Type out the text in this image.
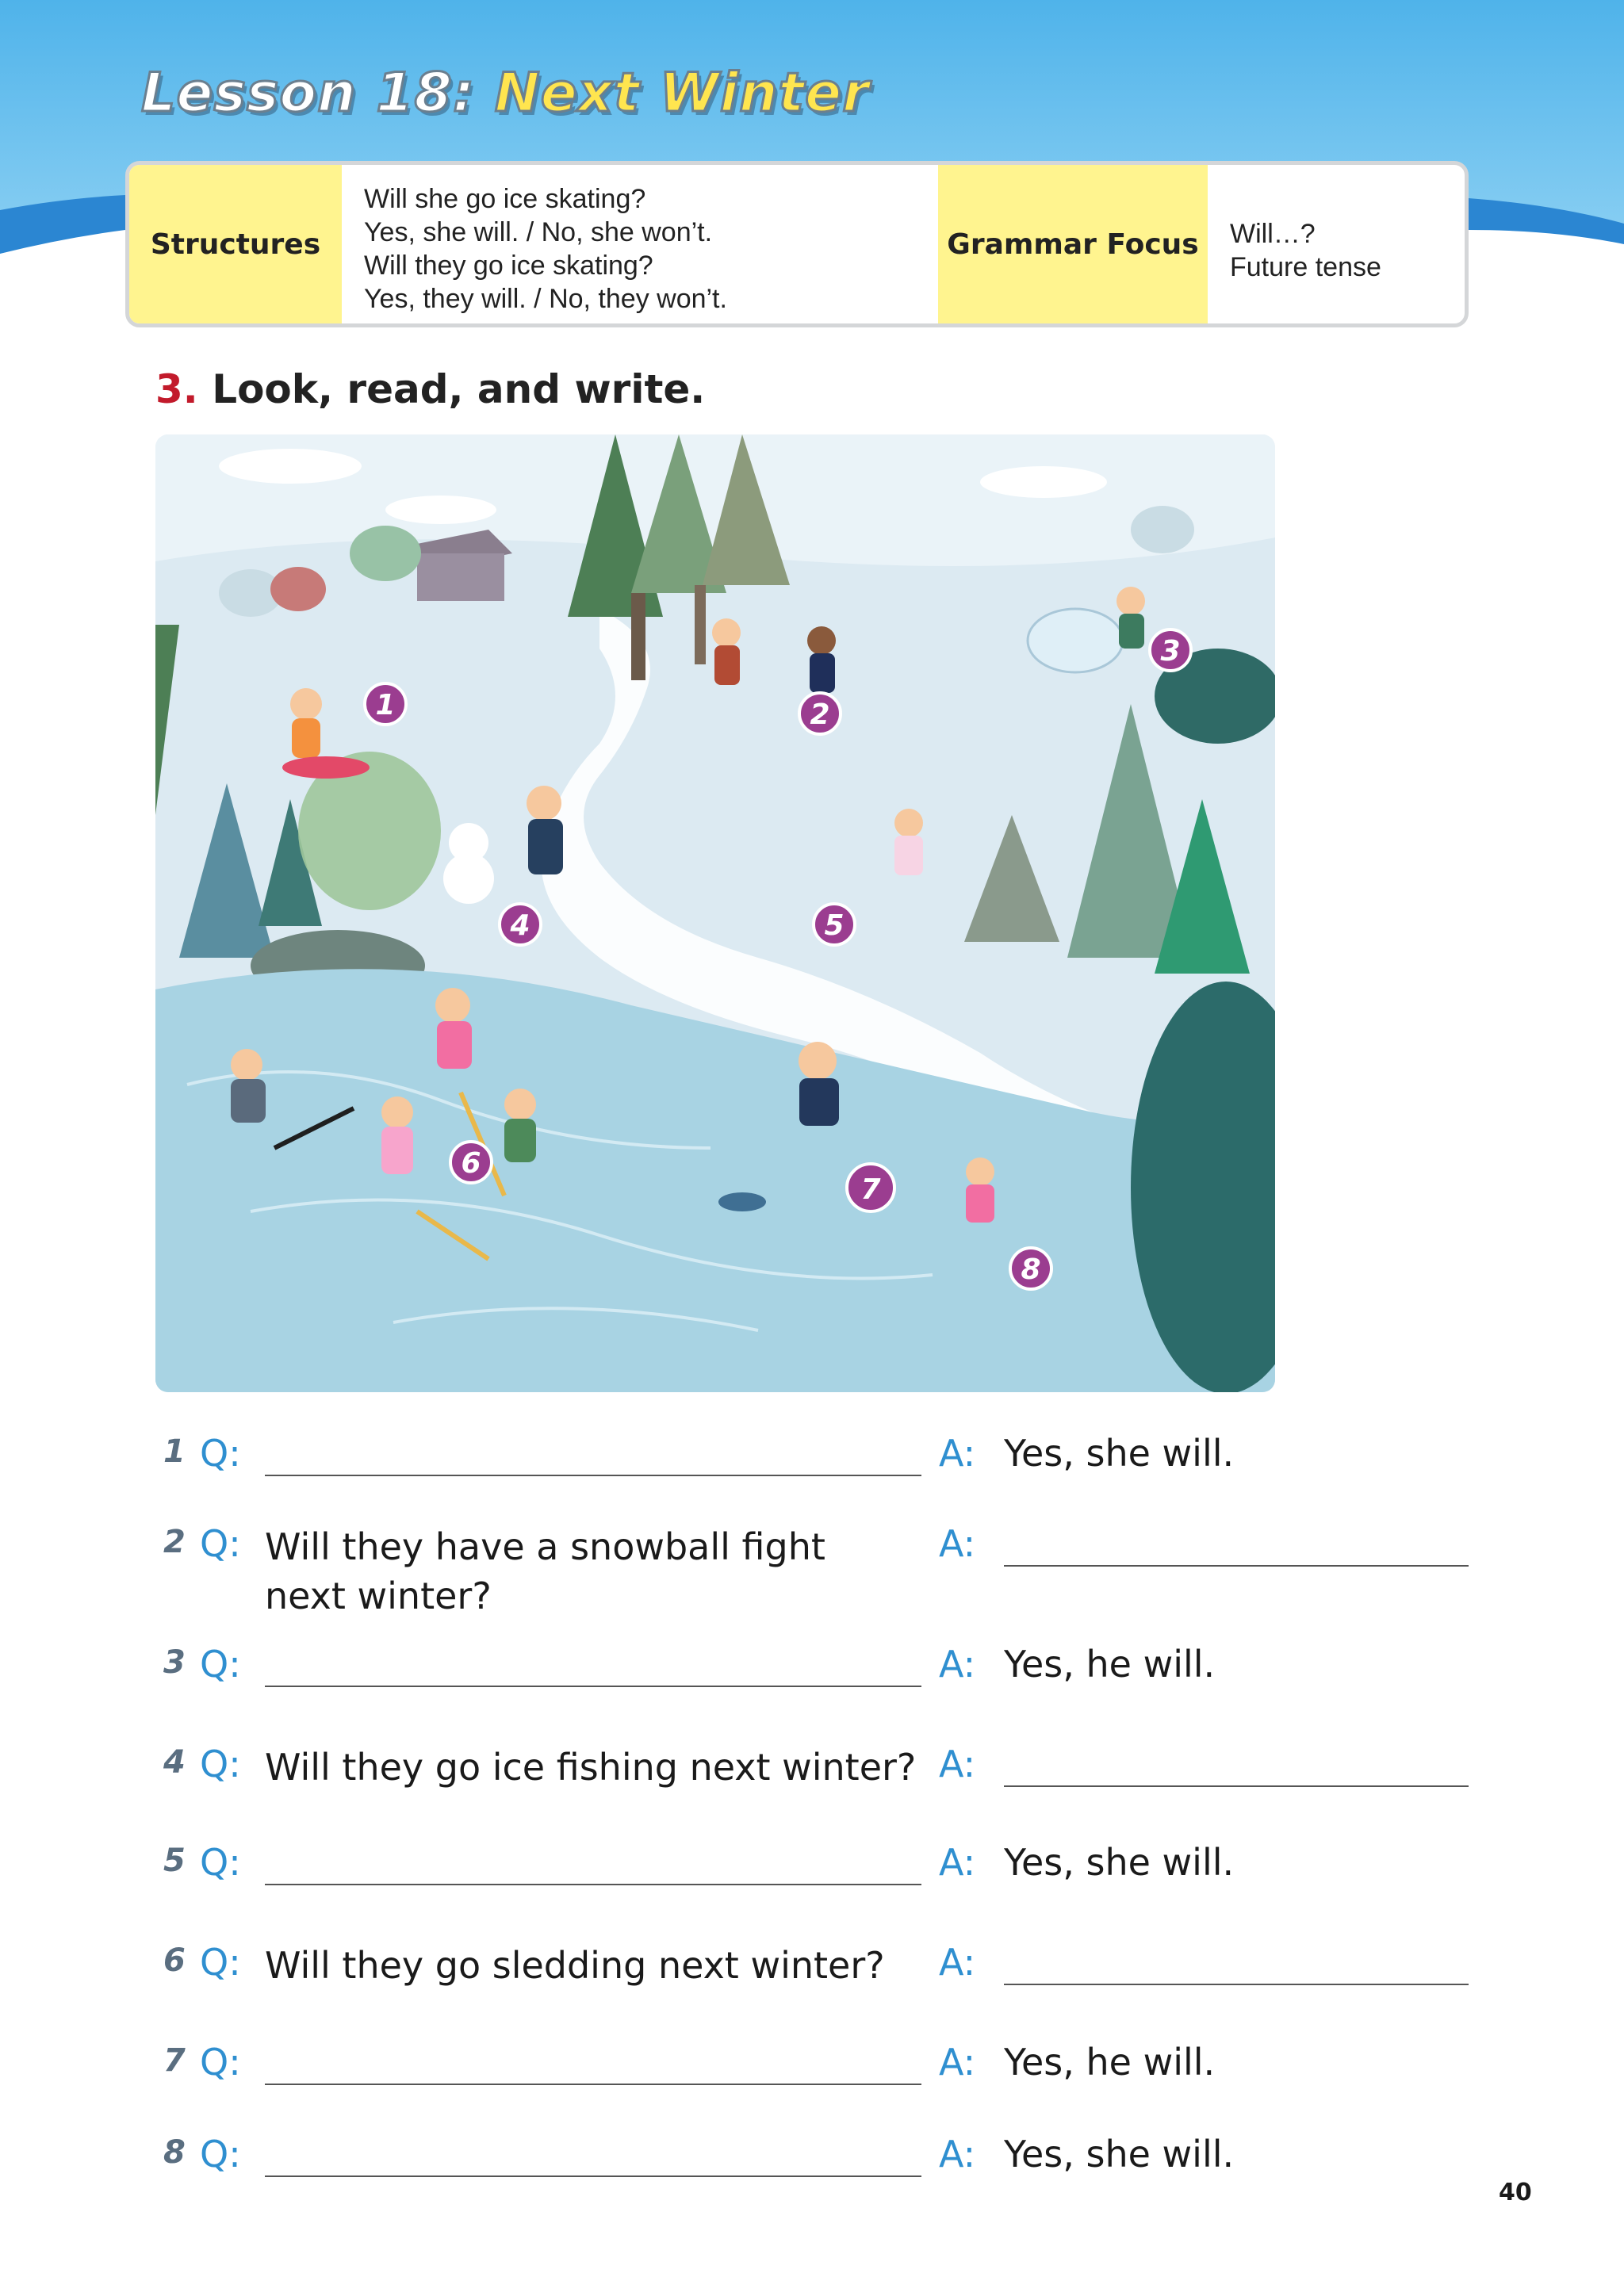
Lesson 18: Next Winter
Structures
Will she go ice skating?
Yes, she will. / No, she won’t.
Will they go ice skating?
Yes, they will. / No, they won’t.
Grammar Focus	Will…?
Future tense
3. Look, read, and write.
1	2
3
4	5
6
7
8
1 Q:	A: Yes, she will.
2 Q: Will they have a snowball fight next winter?
A:
3 Q:	A: Yes, he will.
4 Q: Will they go ice fishing next winter? A:
5 Q:	A: Yes, she will.
6 Q: Will they go sledding next winter?	A:
7 Q:	A: Yes, he will.
8 Q:	A: Yes, she will.
40
